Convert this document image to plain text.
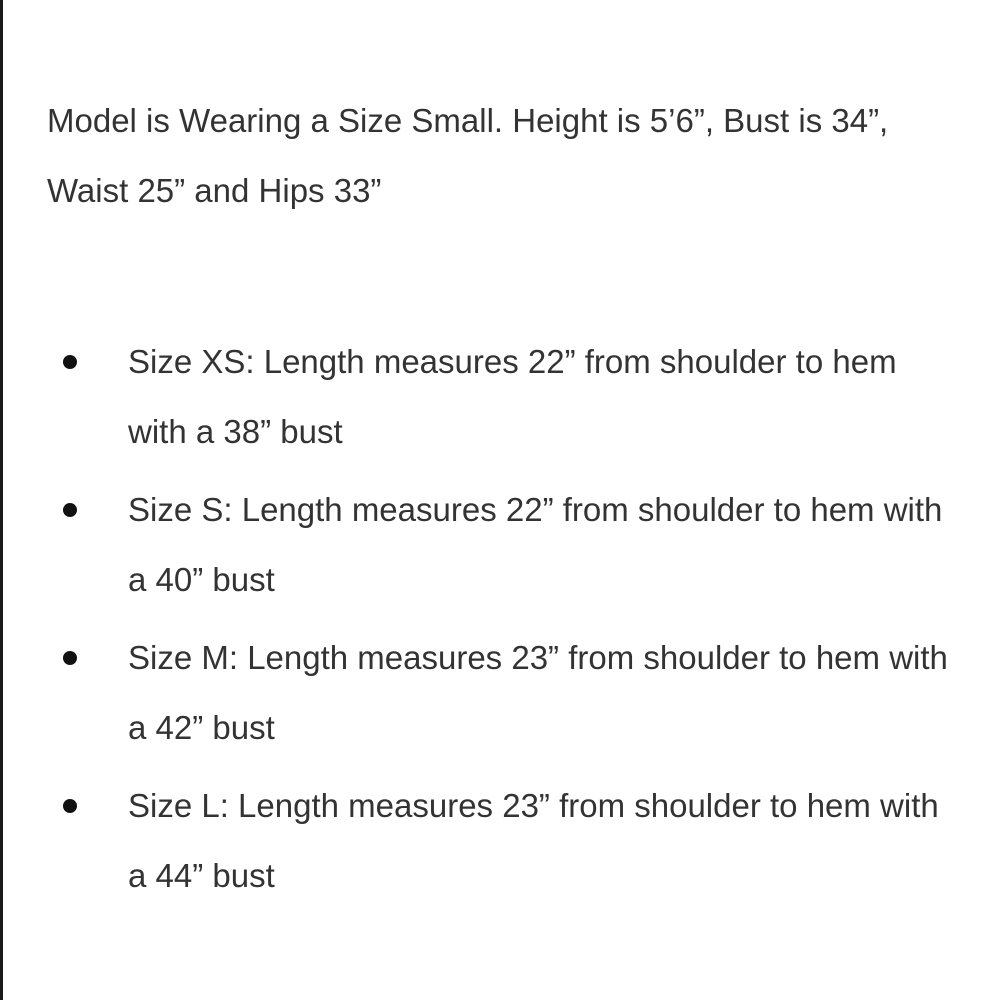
Model is Wearing a Size Small. Height is 5’6”, Bust is 34”, Waist 25” and Hips 33”

Size XS: Length measures 22” from shoulder to hem with a 38” bust
Size S: Length measures 22” from shoulder to hem with a 40” bust
Size M: Length measures 23” from shoulder to hem with a 42” bust
Size L: Length measures 23” from shoulder to hem with a 44” bust
